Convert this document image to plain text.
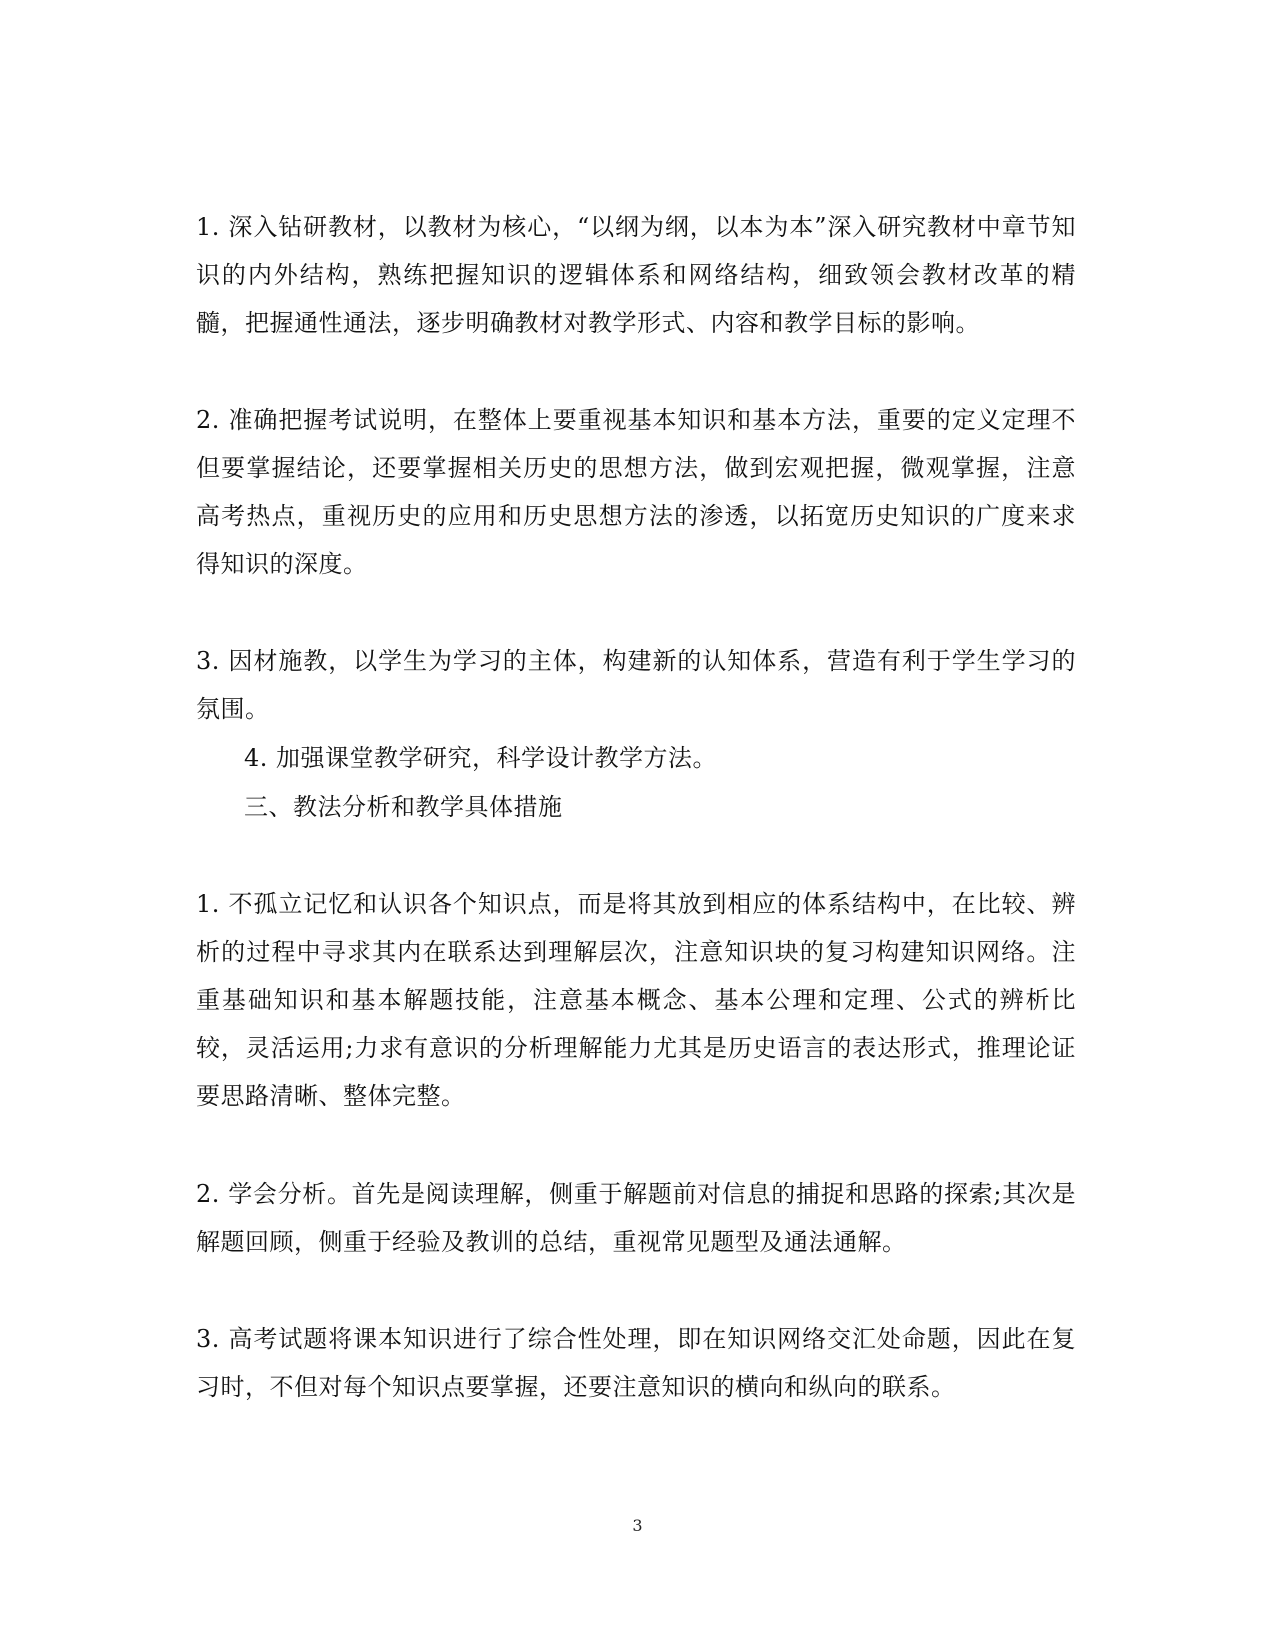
1. 深入钻研教材，以教材为核心，“以纲为纲，以本为本”深入研究教材中章节知识的内外结构，熟练把握知识的逻辑体系和网络结构，细致领会教材改革的精髓，把握通性通法，逐步明确教材对教学形式、内容和教学目标的影响。

2. 准确把握考试说明，在整体上要重视基本知识和基本方法，重要的定义定理不但要掌握结论，还要掌握相关历史的思想方法，做到宏观把握，微观掌握，注意高考热点，重视历史的应用和历史思想方法的渗透，以拓宽历史知识的广度来求得知识的深度。

3. 因材施教，以学生为学习的主体，构建新的认知体系，营造有利于学生学习的氛围。

4. 加强课堂教学研究，科学设计教学方法。

三、教法分析和教学具体措施

1. 不孤立记忆和认识各个知识点，而是将其放到相应的体系结构中，在比较、辨析的过程中寻求其内在联系达到理解层次，注意知识块的复习构建知识网络。注重基础知识和基本解题技能，注意基本概念、基本公理和定理、公式的辨析比较，灵活运用;力求有意识的分析理解能力尤其是历史语言的表达形式，推理论证要思路清晰、整体完整。

2. 学会分析。首先是阅读理解，侧重于解题前对信息的捕捉和思路的探索;其次是解题回顾，侧重于经验及教训的总结，重视常见题型及通法通解。

3. 高考试题将课本知识进行了综合性处理，即在知识网络交汇处命题，因此在复习时，不但对每个知识点要掌握，还要注意知识的横向和纵向的联系。

3
